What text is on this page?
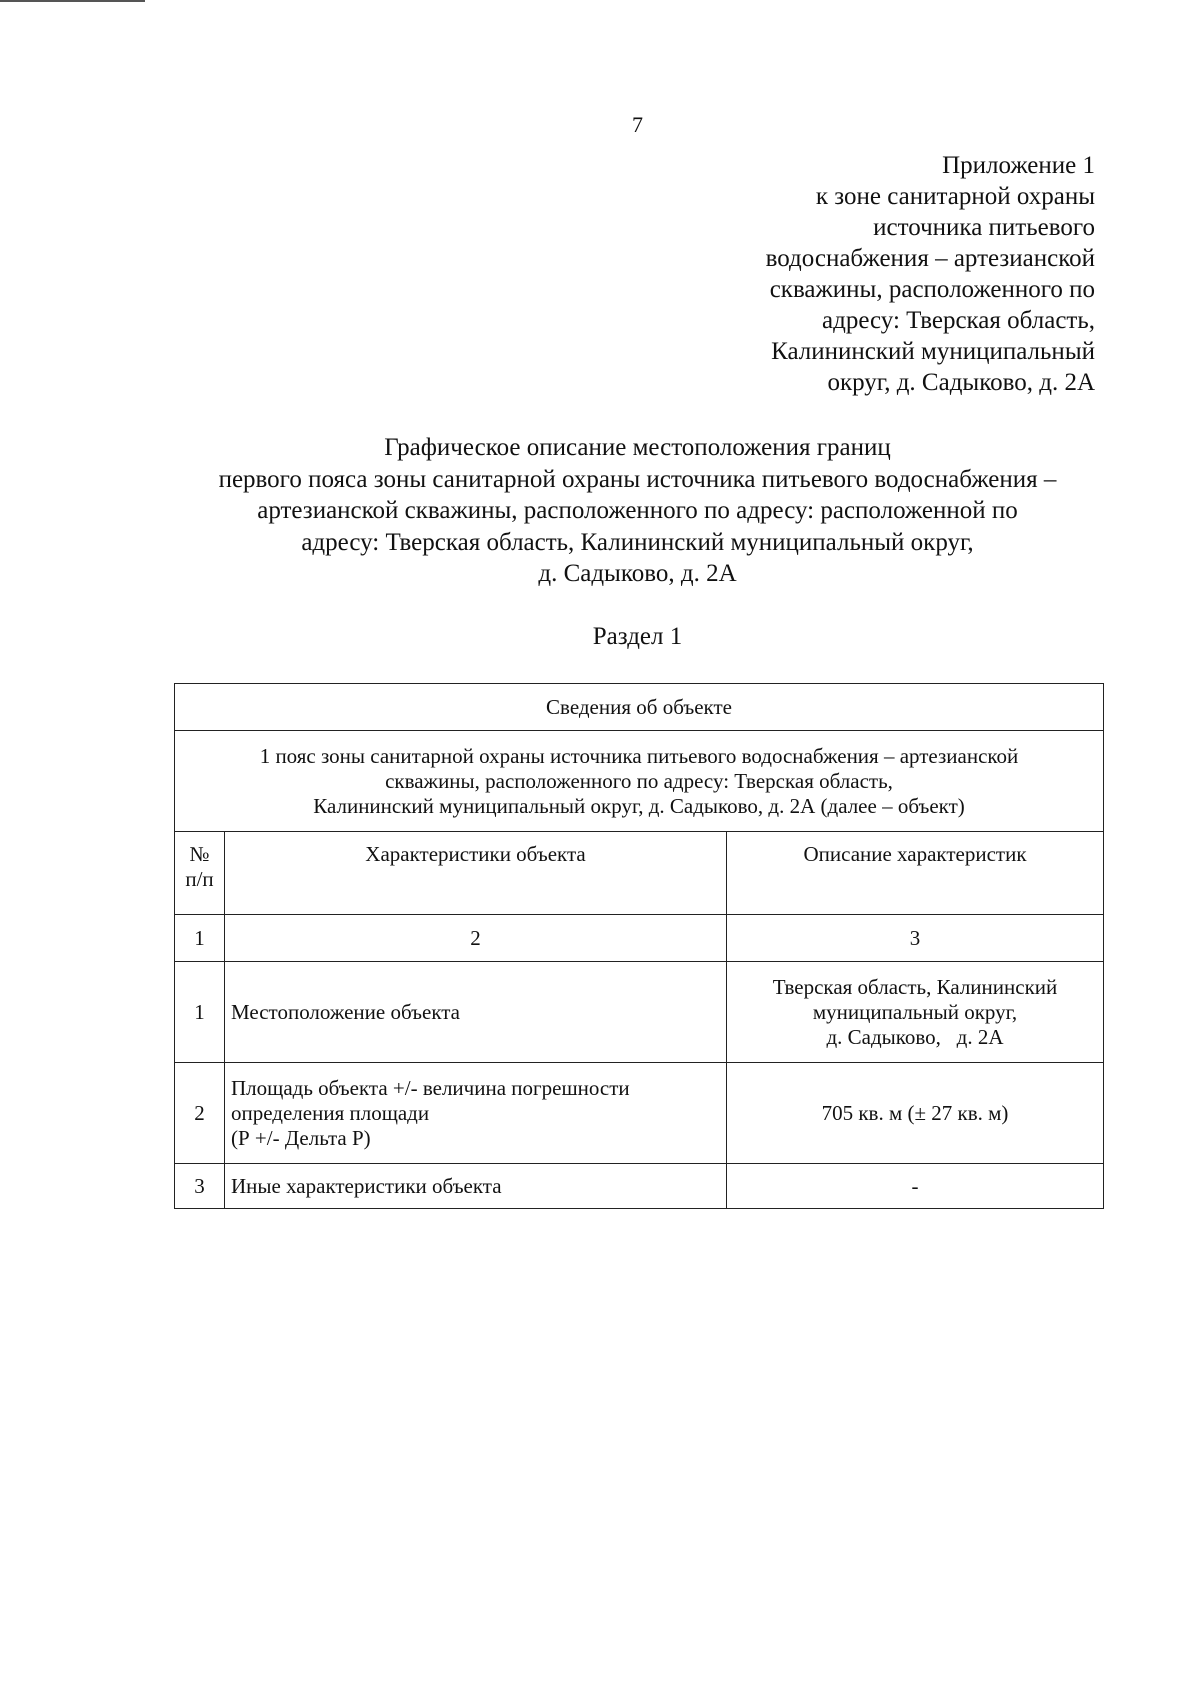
7
Приложение 1
к зоне санитарной охраны
источника питьевого
водоснабжения – артезианской
скважины, расположенного по
адресу: Тверская область,
Калининский муниципальный
округ, д. Садыково, д. 2А
Графическое описание местоположения границ
первого пояса зоны санитарной охраны источника питьевого водоснабжения –
артезианской скважины, расположенного по адресу: расположенной по
адресу: Тверская область, Калининский муниципальный округ,
д. Садыково, д. 2А
Раздел 1
Сведения об объекте		

1 пояс зоны санитарной охраны источника питьевого водоснабжения – артезианской
скважины, расположенного по адресу: Тверская область,
Калининский муниципальный округ, д. Садыково, д. 2А (далее – объект)		

№
п/п	Характеристики объекта	Описание характеристик
1	2	3
1	Местоположение объекта	Тверская область, Калининский
муниципальный округ,
д. Садыково,   д. 2А

2	Площадь объекта +/- величина погрешности
определения площади
(Р +/- Дельта Р)	705 кв. м (± 27 кв. м)

3	Иные характеристики объекта	-
